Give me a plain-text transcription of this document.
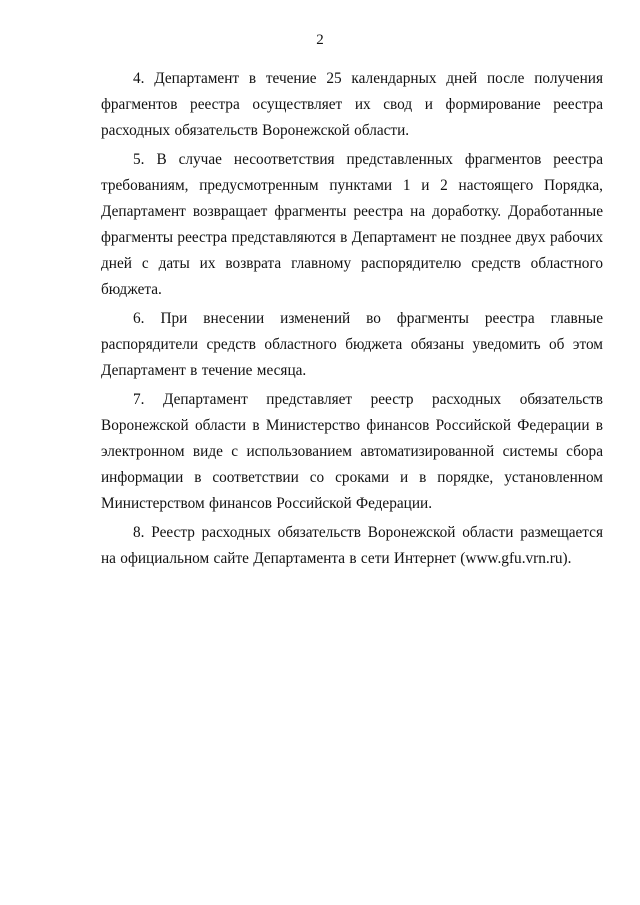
2

4. Департамент в течение 25 календарных дней после получения фрагментов реестра осуществляет их свод и формирование реестра расходных обязательств Воронежской области.

5. В случае несоответствия представленных фрагментов реестра требованиям, предусмотренным пунктами 1 и 2 настоящего Порядка, Департамент возвращает фрагменты реестра на доработку. Доработанные фрагменты реестра представляются в Департамент не позднее двух рабочих дней с даты их возврата главному распорядителю средств областного бюджета.

6. При внесении изменений во фрагменты реестра главные распорядители средств областного бюджета обязаны уведомить об этом Департамент в течение месяца.

7. Департамент представляет реестр расходных обязательств Воронежской области в Министерство финансов Российской Федерации в электронном виде с использованием автоматизированной системы сбора информации в соответствии со сроками и в порядке, установленном Министерством финансов Российской Федерации.

8. Реестр расходных обязательств Воронежской области размещается на официальном сайте Департамента в сети Интернет (www.gfu.vrn.ru).
